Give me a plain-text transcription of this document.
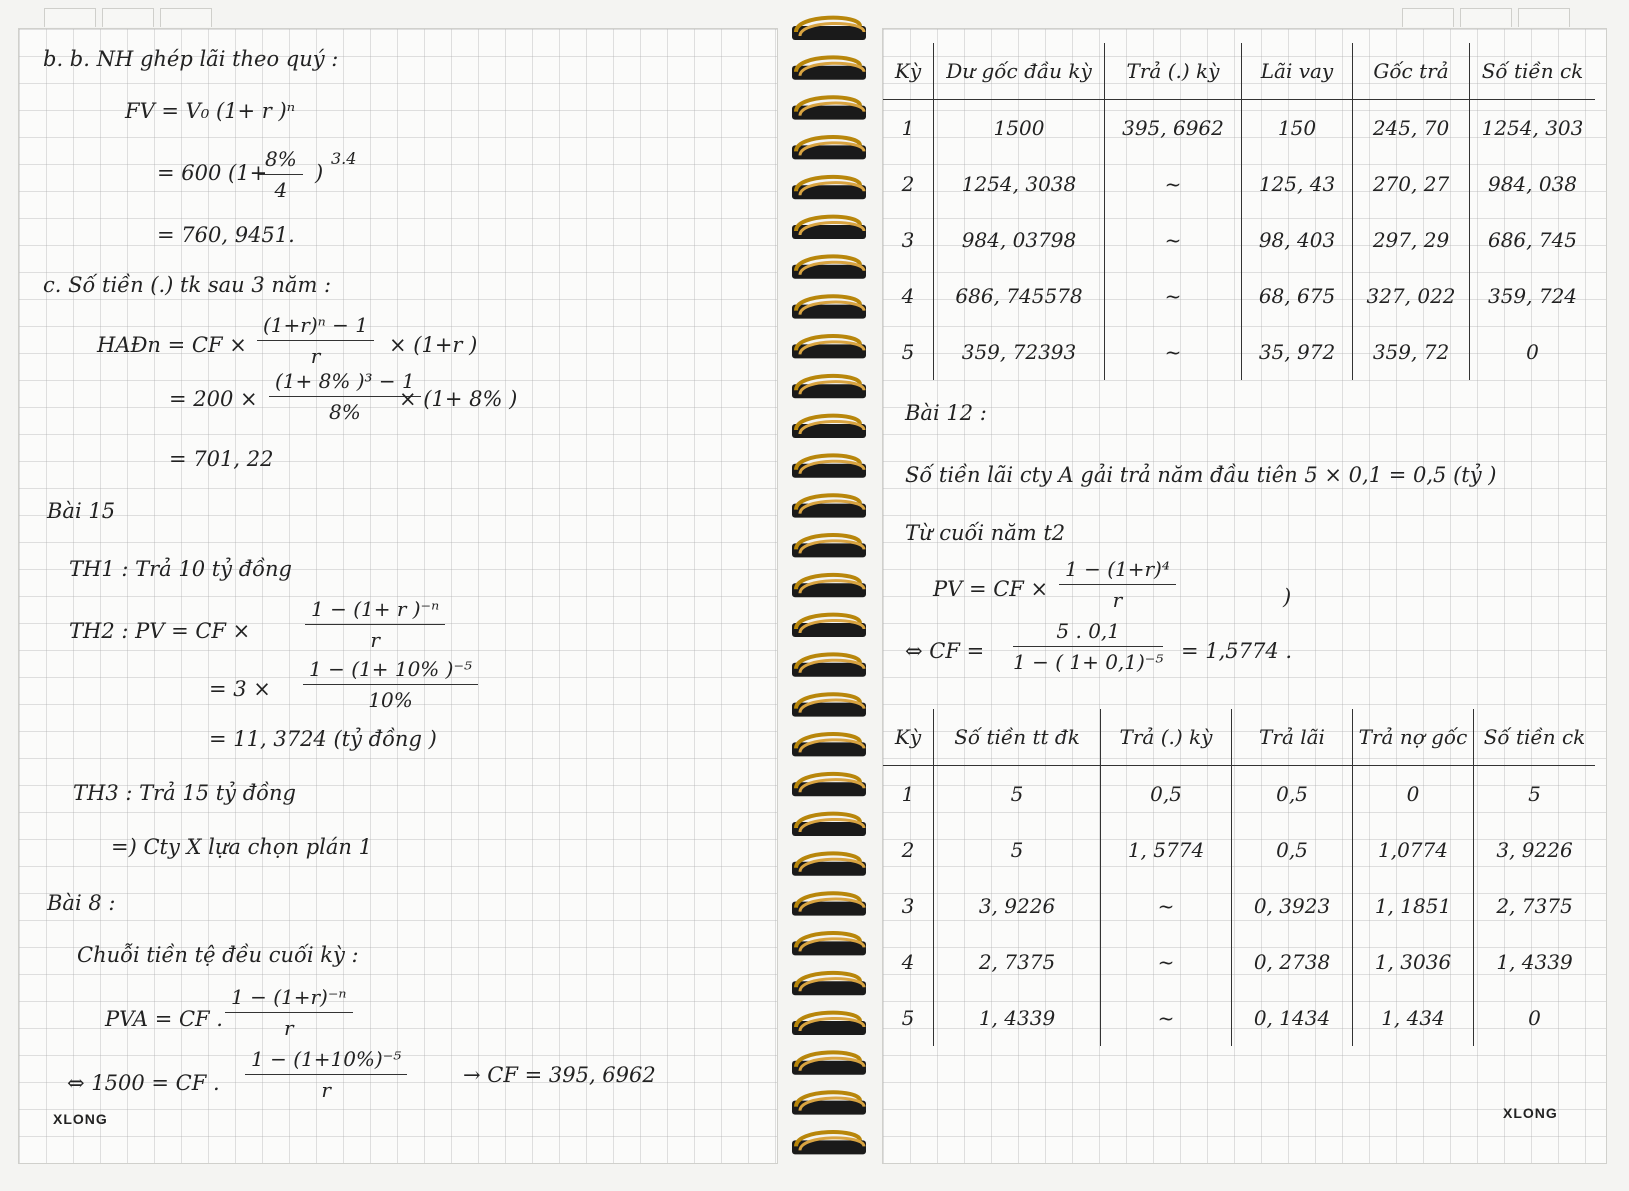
b. b. NH ghép lãi theo quý :
FV = V₀ (1+ r )ⁿ
= 600 (1+
$\frac{8\%}{4}$ )
3.4
= 760, 9451.
c. Số tiền (.) tk sau 3 năm :
HAĐn = CF × $\frac{\text{(1+r)ⁿ − 1}}{r} \times (1+r$ )
= $200 \times \frac{\text{(1+ 8\% )³ − 1}}{8\%}$
× (1+ 8% )
= 701, 22
Bài 15
TH1 : Trả 10 tỷ đồng
TH2 : PV = CF ×	$\frac{\text{1 − (1+ r )⁻ⁿ}}{r}$
= $3 \times \frac{\text{1 − (1+ 10\% )⁻⁵}}{10\%}$
= 11, 3724 (tỷ đồng )
TH3 : Trả 15 tỷ đồng
=) Cty X lựa chọn plán 1
Bài 8 :
Chuỗi tiền tệ đều cuối kỳ :
PVA = CF . $\frac{\text{1 − (1+r)⁻ⁿ}}{r}$
⇔ 1500 = CF . $\frac{\text{1 − (1+10\%)⁻⁵}}{r}$	→ CF = 395, 6962
XLONG
Kỳ	Dư gốc đầu kỳ	Trả (.) kỳ	Lãi vay	Gốc trả	Số tiền ck
1	1500	395, 6962	150	245, 70	1254, 303
2	1254, 3038	~	125, 43	270, 27	984, 038
3	984, 03798	~	98, 403	297, 29	686, 745
4	686, 745578	~	68, 675	327, 022	359, 724
5	359, 72393	~	35, 972	359, 72	0
Bài 12 :
Số tiền lãi cty A gải trả năm đầu tiên 5 × 0,1 = 0,5 (tỷ )
Từ cuối năm t2
PV = CF × $\frac{\text{1 − (1+r)⁴}}{r}$	)
⇔ CF = $\frac{5 . 0,1}{\text{1 − ( 1+ 0,1)⁻⁵}} = 1,5774$ .
Kỳ	Số tiền tt đk	Trả (.) kỳ	Trả lãi	Trả nợ gốc	Số tiền ck
1	5	0,5	0,5	0	5
2	5	1, 5774	0,5	1,0774	3, 9226
3	3, 9226	~	0, 3923	1, 1851	2, 7375
4	2, 7375	~	0, 2738	1, 3036	1, 4339
5	1, 4339	~	0, 1434	1, 434	0
XLONG
